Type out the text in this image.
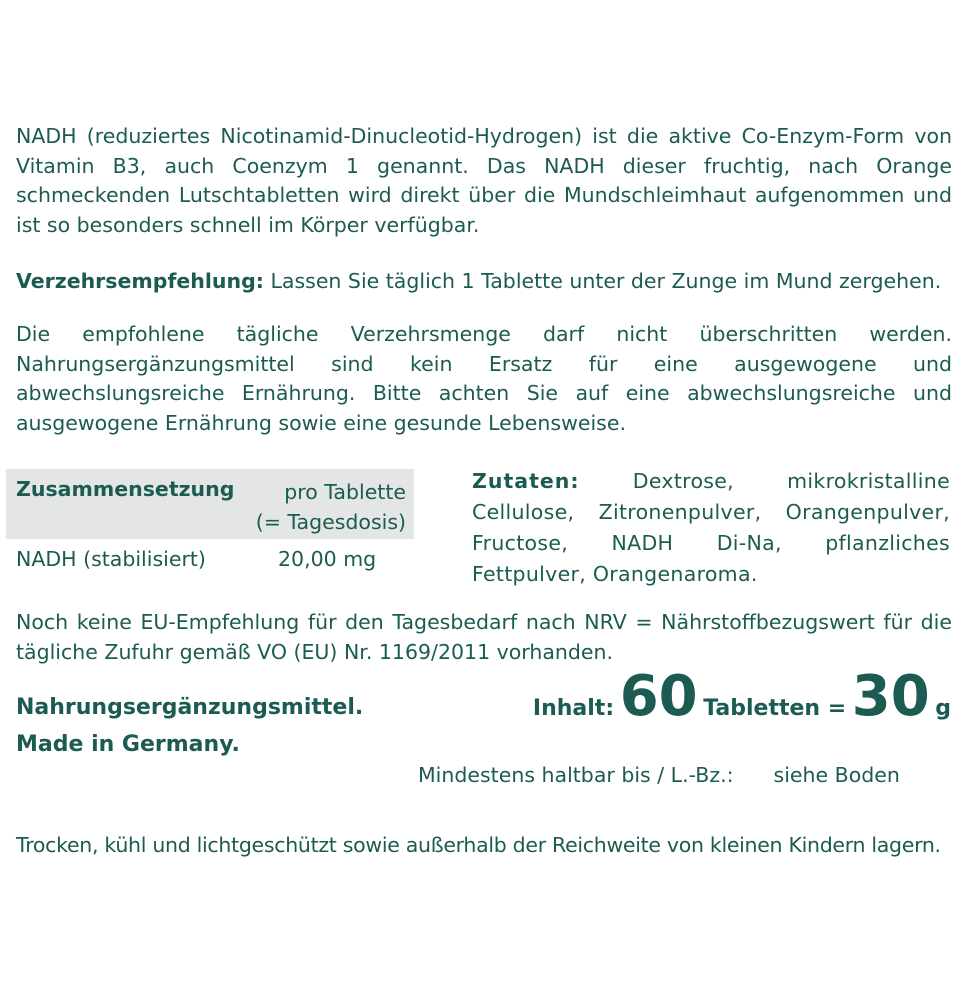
NADH (reduziertes Nicotinamid-Dinucleotid-Hydrogen) ist die aktive Co-Enzym-Form von Vitamin B3, auch Coenzym 1 genannt. Das NADH dieser fruchtig, nach Orange schmeckenden Lutschtabletten wird direkt über die Mundschleimhaut aufgenommen und ist so besonders schnell im Körper verfügbar.

Verzehrsempfehlung: Lassen Sie täglich 1 Tablette unter der Zunge im Mund zergehen.

Die empfohlene tägliche Verzehrsmenge darf nicht überschritten werden. Nahrungsergänzungsmittel sind kein Ersatz für eine ausgewogene und abwechslungsreiche Ernährung. Bitte achten Sie auf eine abwechslungsreiche und ausgewogene Ernährung sowie eine gesunde Lebensweise.

Zusammensetzung	pro Tablette
(= Tagesdosis)
NADH (stabilisiert)	20,00 mg

Zutaten: Dextrose, mikrokristalline Cellulose, Zitronenpulver, Orangenpulver, Fructose, NADH Di-Na, pflanzliches Fettpulver, Orangenaroma.

Noch keine EU-Empfehlung für den Tagesbedarf nach NRV = Nährstoffbezugswert für die tägliche Zufuhr gemäß VO (EU) Nr. 1169/2011 vorhanden.

Nahrungsergänzungsmittel.
Made in Germany.
Inhalt: 60 Tabletten = 30 g
Mindestens haltbar bis / L.-Bz.: siehe Boden

Trocken, kühl und lichtgeschützt sowie außerhalb der Reichweite von kleinen Kindern lagern.
